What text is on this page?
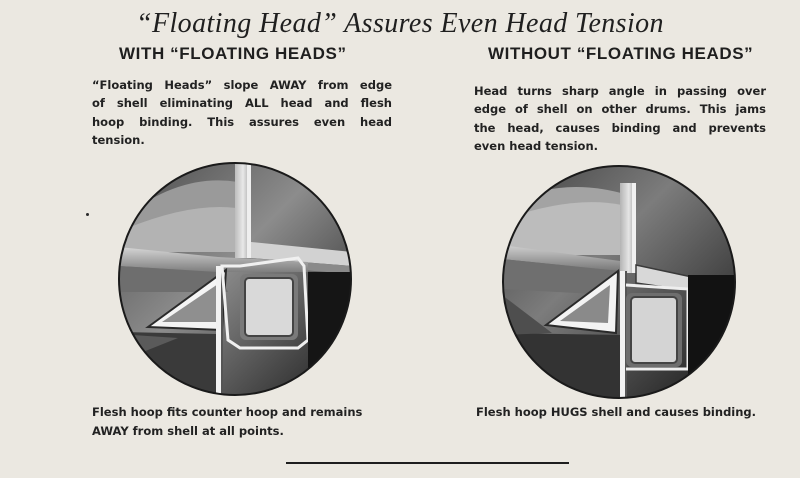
“Floating Head” Assures Even Head Tension
WITH “FLOATING HEADS”	WITHOUT “FLOATING HEADS”
“Floating Heads” slope AWAY from edge
of shell eliminating ALL head and flesh
hoop binding. This assures even head
tension.
Head turns sharp angle in passing over
edge of shell on other drums. This jams
the head, causes binding and prevents
even head tension.
Flesh hoop fits counter hoop and remains
AWAY from shell at all points.
Flesh hoop HUGS shell and causes binding.
